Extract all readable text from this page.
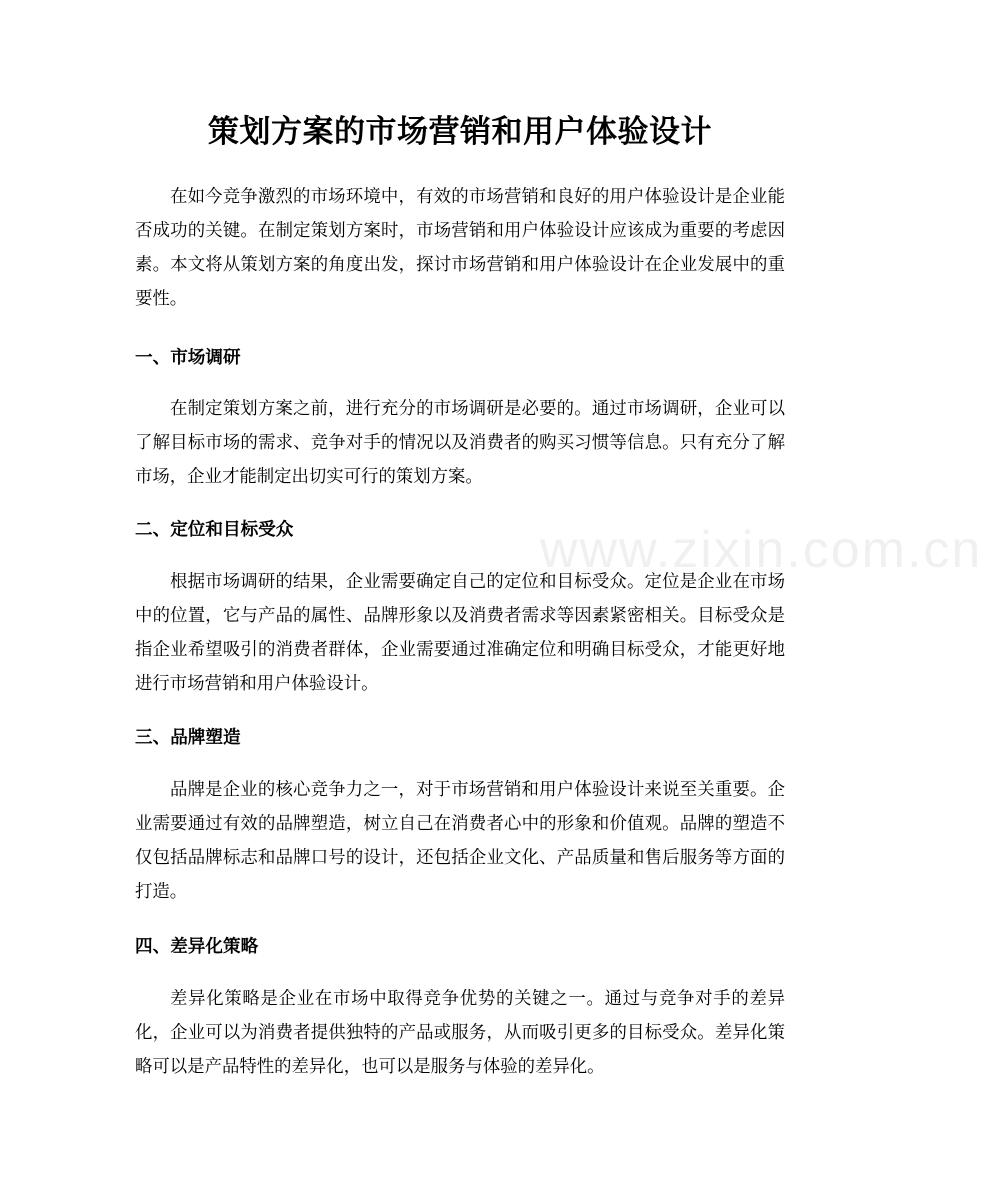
www.zixin.com.cn
策划方案的市场营销和用户体验设计

在如今竞争激烈的市场环境中，有效的市场营销和良好的用户体验设计是企业能否成功的关键。在制定策划方案时，市场营销和用户体验设计应该成为重要的考虑因素。本文将从策划方案的角度出发，探讨市场营销和用户体验设计在企业发展中的重要性。

一、市场调研

在制定策划方案之前，进行充分的市场调研是必要的。通过市场调研，企业可以了解目标市场的需求、竞争对手的情况以及消费者的购买习惯等信息。只有充分了解市场，企业才能制定出切实可行的策划方案。

二、定位和目标受众

根据市场调研的结果，企业需要确定自己的定位和目标受众。定位是企业在市场中的位置，它与产品的属性、品牌形象以及消费者需求等因素紧密相关。目标受众是指企业希望吸引的消费者群体，企业需要通过准确定位和明确目标受众，才能更好地进行市场营销和用户体验设计。

三、品牌塑造

品牌是企业的核心竞争力之一，对于市场营销和用户体验设计来说至关重要。企业需要通过有效的品牌塑造，树立自己在消费者心中的形象和价值观。品牌的塑造不仅包括品牌标志和品牌口号的设计，还包括企业文化、产品质量和售后服务等方面的打造。

四、差异化策略

差异化策略是企业在市场中取得竞争优势的关键之一。通过与竞争对手的差异化，企业可以为消费者提供独特的产品或服务，从而吸引更多的目标受众。差异化策略可以是产品特性的差异化，也可以是服务与体验的差异化。
